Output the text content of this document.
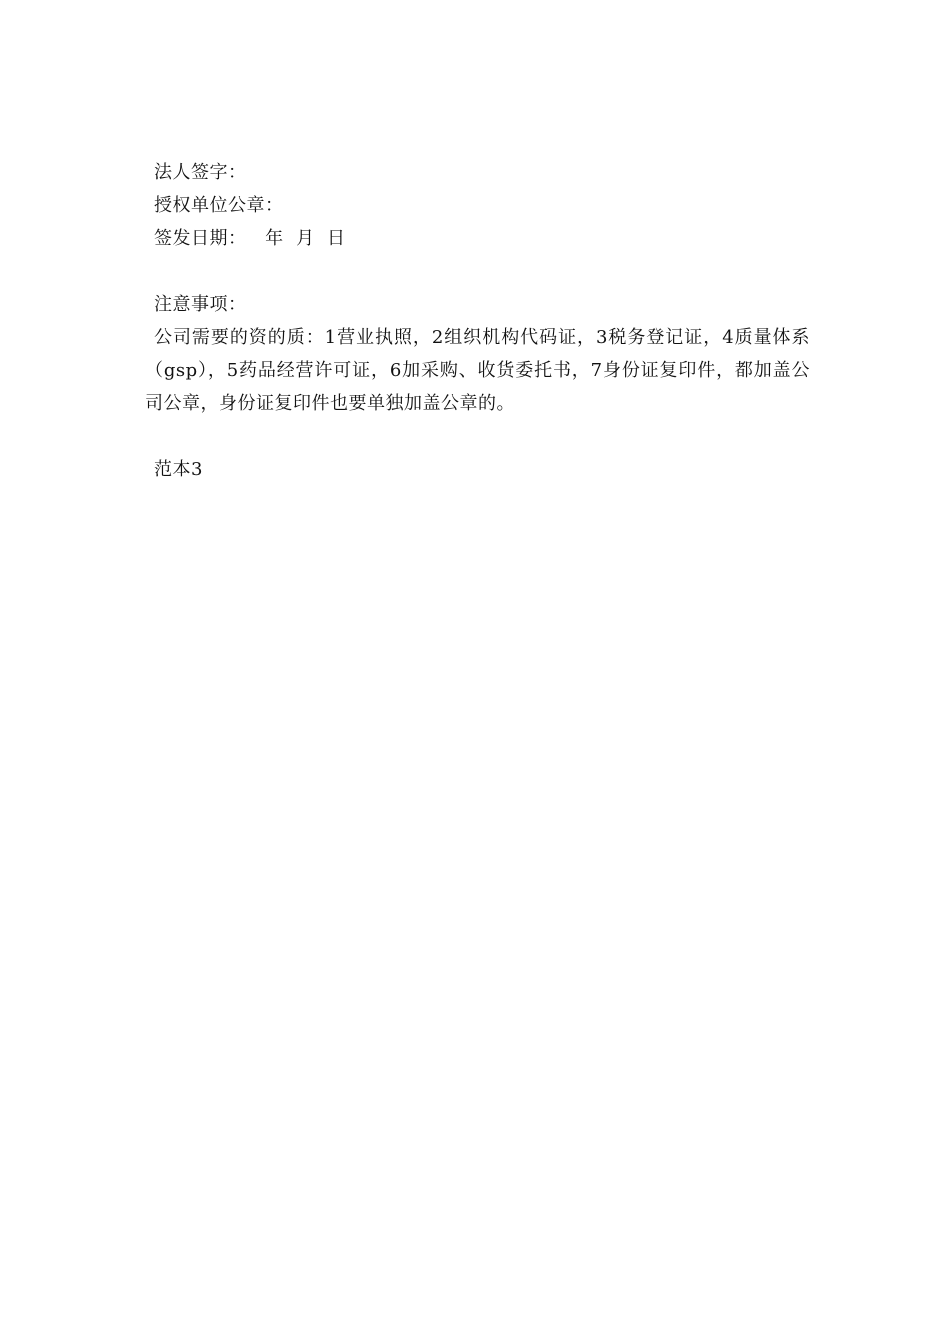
法人签字：

授权单位公章：

签发日期：   年  月  日

注意事项：

公司需要的资的质：1营业执照，2组织机构代码证，3税务登记证，4质量体系（gsp），5药品经营许可证，6加采购、收货委托书，7身份证复印件，都加盖公司公章，身份证复印件也要单独加盖公章的。

范本3
